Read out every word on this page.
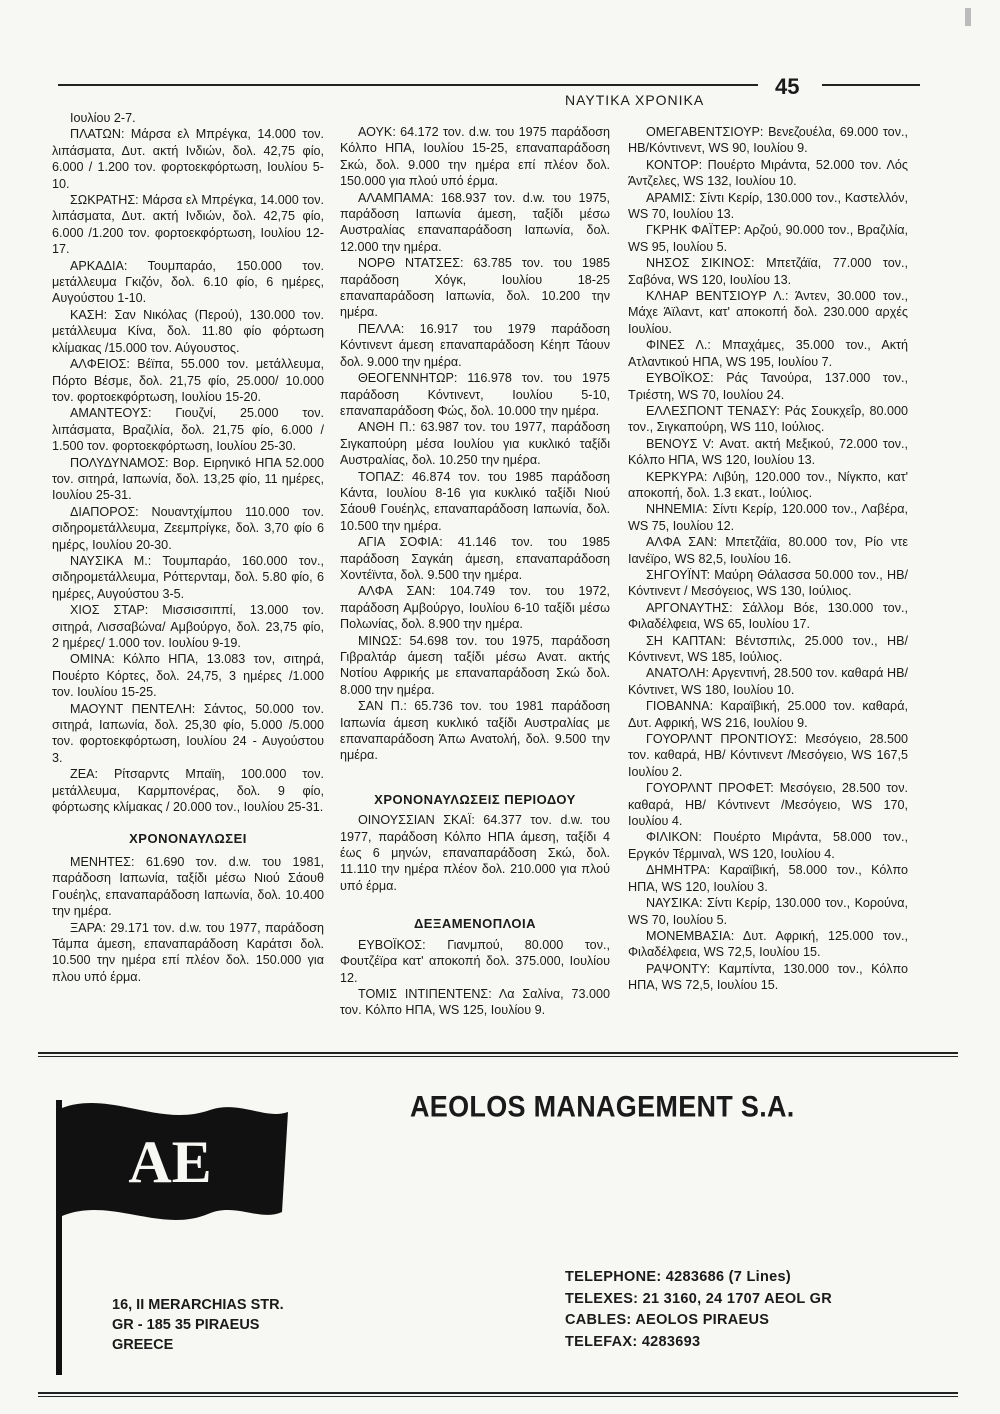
45
ΝΑΥΤΙΚΑ ΧΡΟΝΙΚΑ

Ιουλίου 2-7.

ΠΛΑΤΩΝ: Μάρσα ελ Μπρέγκα, 14.000 τον. λιπάσματα, Δυτ. ακτή Ινδιών, δολ. 42,75 φίο, 6.000 / 1.200 τον. φορτοεκφόρτωση, Ιουλίου 5-10.

ΣΩΚΡΑΤΗΣ: Μάρσα ελ Μπρέγκα, 14.000 τον. λιπάσματα, Δυτ. ακτή Ινδιών, δολ. 42,75 φίο, 6.000 /1.200 τον. φορτοεκφόρτωση, Ιουλίου 12-17.

ΑΡΚΑΔΙΑ: Τουμπαράο, 150.000 τον. μετάλλευμα Γκιζόν, δολ. 6.10 φίο, 6 ημέρες, Αυγούστου 1-10.

ΚΑΣΗ: Σαν Νικόλας (Περού), 130.000 τον. μετάλλευμα Κίνα, δολ. 11.80 φίο φόρτωση κλίμακας /15.000 τον. Αύγουστος.

ΑΛΦΕΙΟΣ: Βέϊπα, 55.000 τον. μετάλλευμα, Πόρτο Βέσμε, δολ. 21,75 φίο, 25.000/ 10.000 τον. φορτοεκφόρτωση, Ιουλίου 15-20.

ΑΜΑΝΤΕΟΥΣ: Γιουζνί, 25.000 τον. λιπάσματα, Βραζιλία, δολ. 21,75 φίο, 6.000 / 1.500 τον. φορτοεκφόρτωση, Ιουλίου 25-30.

ΠΟΛΥΔΥΝΑΜΟΣ: Βορ. Ειρηνικό ΗΠΑ 52.000 τον. σιτηρά, Ιαπωνία, δολ. 13,25 φίο, 11 ημέρες, Ιουλίου 25-31.

ΔΙΑΠΟΡΟΣ: Νουαντχίμπου 110.000 τον. σιδηρομετάλλευμα, Ζεεμπρίγκε, δολ. 3,70 φίο 6 ημέρς, Ιουλίου 20-30.

ΝΑΥΣΙΚΑ Μ.: Τουμπαράο, 160.000 τον., σιδηρομετάλλευμα, Ρόττερνταμ, δολ. 5.80 φίο, 6 ημέρες, Αυγούστου 3-5.

ΧΙΟΣ ΣΤΑΡ: Μισσισσιππί, 13.000 τον. σιτηρά, Λισσαβώνα/ Αμβούργο, δολ. 23,75 φίο, 2 ημέρες/ 1.000 τον. Ιουλίου 9-19.

ΟΜΙΝΑ: Κόλπο ΗΠΑ, 13.083 τον, σιτηρά, Πουέρτο Κόρτες, δολ. 24,75, 3 ημέρες /1.000 τον. Ιουλίου 15-25.

ΜΑΟΥΝΤ ΠΕΝΤΕΛΗ: Σάντος, 50.000 τον. σιτηρά, Ιαπωνία, δολ. 25,30 φίο, 5.000 /5.000 τον. φορτοεκφόρτωση, Ιουλίου 24 - Αυγούστου 3.

ΖΕΑ: Ρίτσαρντς Μπαϊη, 100.000 τον. μετάλλευμα, Καρμπονέρας, δολ. 9 φίο, φόρτωσης κλίμακας / 20.000 τον., Ιουλίου 25-31.

ΧΡΟΝΟΝΑΥΛΩΣΕΙ

ΜΕΝΗΤΕΣ: 61.690 τον. d.w. του 1981, παράδοση Ιαπωνία, ταξίδι μέσω Νιού Σάουθ Γουέηλς, επαναπαράδοση Ιαπωνία, δολ. 10.400 την ημέρα.

ΞΑΡΑ: 29.171 τον. d.w. του 1977, παράδοση Τάμπα άμεση, επαναπαράδοση Καράτσι δολ. 10.500 την ημέρα επί πλέον δολ. 150.000 για πλου υπό έρμα.

ΑΟΥΚ: 64.172 τον. d.w. του 1975 παράδοση Κόλπο ΗΠΑ, Ιουλίου 15-25, επαναπαράδοση Σκώ, δολ. 9.000 την ημέρα επί πλέον δολ. 150.000 για πλού υπό έρμα.

ΑΛΑΜΠΑΜΑ: 168.937 τον. d.w. του 1975, παράδοση Ιαπωνία άμεση, ταξίδι μέσω Αυστραλίας επαναπαράδοση Ιαπωνία, δολ. 12.000 την ημέρα.

ΝΟΡΘ ΝΤΑΤΣΕΣ: 63.785 τον. του 1985 παράδοση Χόγκ, Ιουλίου 18-25 επαναπαράδοση Ιαπωνία, δολ. 10.200 την ημέρα.

ΠΕΛΛΑ: 16.917 του 1979 παράδοση Κόντινεντ άμεση επαναπαράδοση Κέηπ Τάουν δολ. 9.000 την ημέρα.

ΘΕΟΓΕΝΝΗΤΩΡ: 116.978 τον. του 1975 παράδοση Κόντινεντ, Ιουλίου 5-10, επαναπαράδοση Φώς, δολ. 10.000 την ημέρα.

ΑΝΘΗ Π.: 63.987 τον. του 1977, παράδοση Σιγκαπούρη μέσα Ιουλίου για κυκλικό ταξίδι Αυστραλίας, δολ. 10.250 την ημέρα.

ΤΟΠΑΖ: 46.874 τον. του 1985 παράδοση Κάντα, Ιουλίου 8-16 για κυκλικό ταξίδι Νιού Σάουθ Γουέηλς, επαναπαράδοση Ιαπωνία, δολ. 10.500 την ημέρα.

ΑΓΙΑ ΣΟΦΙΑ: 41.146 τον. του 1985 παράδοση Σαγκάη άμεση, επαναπαράδοση Χοντέϊντα, δολ. 9.500 την ημέρα.

ΑΛΦΑ ΣΑΝ: 104.749 τον. του 1972, παράδοση Αμβούργο, Ιουλίου 6-10 ταξίδι μέσω Πολωνίας, δολ. 8.900 την ημέρα.

ΜΙΝΩΣ: 54.698 τον. του 1975, παράδοση Γιβραλτάρ άμεση ταξίδι μέσω Ανατ. ακτής Νοτίου Αφρικής με επαναπαράδοση Σκώ δολ. 8.000 την ημέρα.

ΣΑΝ Π.: 65.736 τον. του 1981 παράδοση Ιαπωνία άμεση κυκλικό ταξίδι Αυστραλίας με επαναπαράδοση Άπω Ανατολή, δολ. 9.500 την ημέρα.

ΧΡΟΝΟΝΑΥΛΩΣΕΙΣ ΠΕΡΙΟΔΟΥ

ΟΙΝΟΥΣΣΙΑΝ ΣΚΑΪ: 64.377 τον. d.w. του 1977, παράδοση Κόλπο ΗΠΑ άμεση, ταξίδι 4 έως 6 μηνών, επαναπαράδοση Σκώ, δολ. 11.110 την ημέρα πλέον δολ. 210.000 για πλού υπό έρμα.

ΔΕΞΑΜΕΝΟΠΛΟΙΑ

ΕΥΒΟΪΚΟΣ: Γιανμπού, 80.000 τον., Φουτζέϊρα κατ' αποκοπή δολ. 375.000, Ιουλίου 12.

ΤΟΜΙΣ ΙΝΤΙΠΕΝΤΕΝΣ: Λα Σαλίνα, 73.000 τον. Κόλπο ΗΠΑ, WS 125, Ιουλίου 9.

ΟΜΕΓΑΒΕΝΤΣΙΟΥΡ: Βενεζουέλα, 69.000 τον., ΗΒ/Κόντινεντ, WS 90, Ιουλίου 9.

ΚΟΝΤΟΡ: Πουέρτο Μιράντα, 52.000 τον. Λός Άντζελες, WS 132, Ιουλίου 10.

ΑΡΑΜΙΣ: Σίντι Κερίρ, 130.000 τον., Καστελλόν, WS 70, Ιουλίου 13.

ΓΚΡΗΚ ΦΑΪΤΕΡ: Αρζού, 90.000 τον., Βραζιλία, WS 95, Ιουλίου 5.

ΝΗΣΟΣ ΣΙΚΙΝΟΣ: Μπετζάϊα, 77.000 τον., Σαβόνα, WS 120, Ιουλίου 13.

ΚΛΗΑΡ ΒΕΝΤΣΙΟΥΡ Λ.: Άντεν, 30.000 τον., Μάχε Άϊλαντ, κατ' αποκοπή δολ. 230.000 αρχές Ιουλίου.

ΦΙΝΕΣ Λ.: Μπαχάμες, 35.000 τον., Ακτή Ατλαντικού ΗΠΑ, WS 195, Ιουλίου 7.

ΕΥΒΟΪΚΟΣ: Ράς Τανούρα, 137.000 τον., Τριέστη, WS 70, Ιουλίου 24.

ΕΛΛΕΣΠΟΝΤ ΤΕΝΑΣΥ: Ράς Σουκχεΐρ, 80.000 τον., Σιγκαπούρη, WS 110, Ιούλιος.

ΒΕΝΟΥΣ V: Ανατ. ακτή Μεξικού, 72.000 τον., Κόλπο ΗΠΑ, WS 120, Ιουλίου 13.

ΚΕΡΚΥΡΑ: Λιβύη, 120.000 τον., Νίγκπο, κατ' αποκοπή, δολ. 1.3 εκατ., Ιούλιος.

ΝΗΝΕΜΙΑ: Σίντι Κερίρ, 120.000 τον., Λαβέρα, WS 75, Ιουλίου 12.

ΑΛΦΑ ΣΑΝ: Μπετζάϊα, 80.000 τον, Ρίο ντε Ιανέϊρο, WS 82,5, Ιουλίου 16.

ΣΗΓΟΥΪΝΤ: Μαύρη Θάλασσα 50.000 τον., ΗΒ/Κόντινεντ / Μεσόγειος, WS 130, Ιούλιος.

ΑΡΓΟΝΑΥΤΗΣ: Σάλλομ Βόε, 130.000 τον., Φιλαδέλφεια, WS 65, Ιουλίου 17.

ΣΗ ΚΑΠΤΑΝ: Βέντσπιλς, 25.000 τον., ΗΒ/ Κόντινεντ, WS 185, Ιούλιος.

ΑΝΑΤΟΛΗ: Αργεντινή, 28.500 τον. καθαρά ΗΒ/ Κόντινετ, WS 180, Ιουλίου 10.

ΓΙΟΒΑΝΝΑ: Καραϊβική, 25.000 τον. καθαρά, Δυτ. Αφρική, WS 216, Ιουλίου 9.

ΓΟΥΟΡΛΝΤ ΠΡΟΝΤΙΟΥΣ: Μεσόγειο, 28.500 τον. καθαρά, ΗΒ/ Κόντινεντ /Μεσόγειο, WS 167,5 Ιουλίου 2.

ΓΟΥΟΡΛΝΤ ΠΡΟΦΕΤ: Μεσόγειο, 28.500 τον. καθαρά, ΗΒ/ Κόντινεντ /Μεσόγειο, WS 170, Ιουλίου 4.

ΦΙΛΙΚΟΝ: Πουέρτο Μιράντα, 58.000 τον., Εργκόν Τέρμιναλ, WS 120, Ιουλίου 4.

ΔΗΜΗΤΡΑ: Καραϊβική, 58.000 τον., Κόλπο ΗΠΑ, WS 120, Ιουλίου 3.

ΝΑΥΣΙΚΑ: Σίντι Κερίρ, 130.000 τον., Κορούνα, WS 70, Ιουλίου 5.

ΜΟΝΕΜΒΑΣΙΑ: Δυτ. Αφρική, 125.000 τον., Φιλαδέλφεια, WS 72,5, Ιουλίου 15.

ΡΑΨΟΝΤΥ: Καμπίντα, 130.000 τον., Κόλπο ΗΠΑ, WS 72,5, Ιουλίου 15.

AE
AEOLOS MANAGEMENT S.A.
16, II MERARCHIAS STR.
GR - 185 35 PIRAEUS
GREECE
TELEPHONE: 4283686 (7 Lines)
TELEXES: 21 3160, 24 1707 AEOL GR
CABLES: AEOLOS PIRAEUS
TELEFAX: 4283693
